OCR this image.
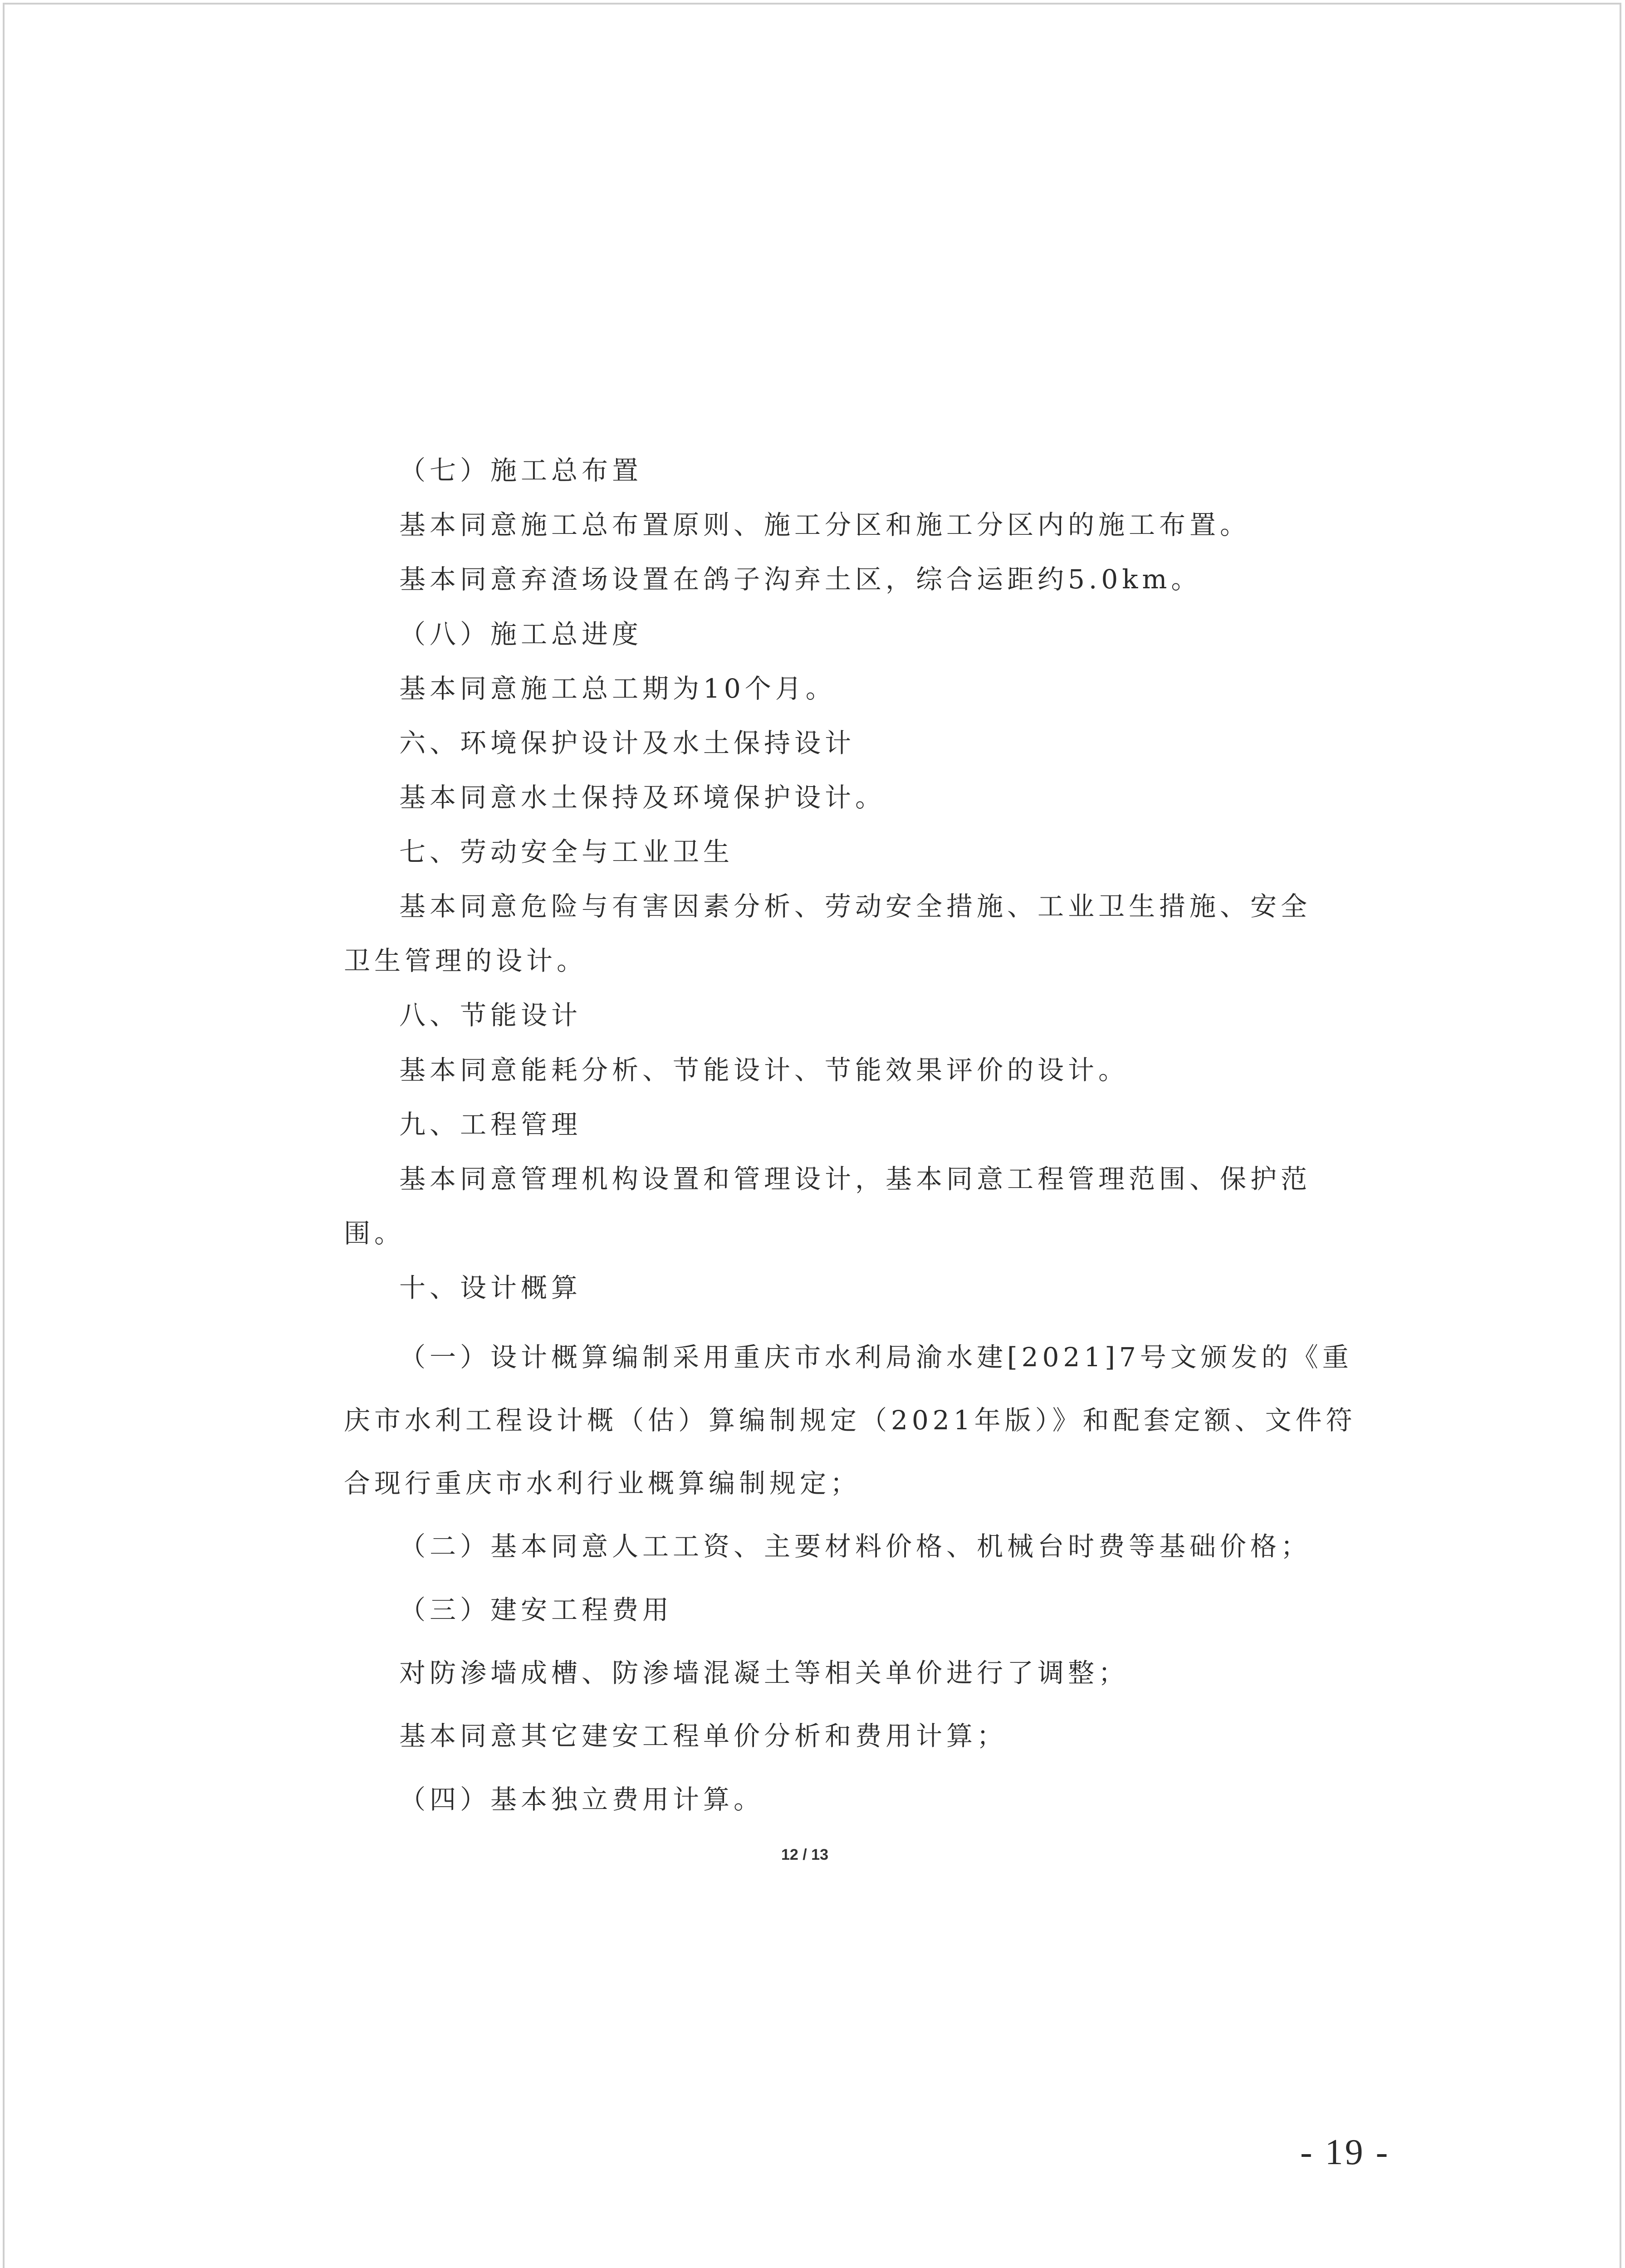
（七）施工总布置
基本同意施工总布置原则、施工分区和施工分区内的施工布置。
基本同意弃渣场设置在鸽子沟弃土区，综合运距约5.0km。
（八）施工总进度
基本同意施工总工期为10个月。
六、环境保护设计及水土保持设计
基本同意水土保持及环境保护设计。
七、劳动安全与工业卫生
基本同意危险与有害因素分析、劳动安全措施、工业卫生措施、安全
卫生管理的设计。
八、节能设计
基本同意能耗分析、节能设计、节能效果评价的设计。
九、工程管理
基本同意管理机构设置和管理设计，基本同意工程管理范围、保护范
围。
十、设计概算
（一）设计概算编制采用重庆市水利局渝水建[2021]7号文颁发的《重
庆市水利工程设计概（估）算编制规定（2021年版）》和配套定额、文件符
合现行重庆市水利行业概算编制规定；
（二）基本同意人工工资、主要材料价格、机械台时费等基础价格；
（三）建安工程费用
对防渗墙成槽、防渗墙混凝土等相关单价进行了调整；
基本同意其它建安工程单价分析和费用计算；
（四）基本独立费用计算。
12 / 13
- 19 -
